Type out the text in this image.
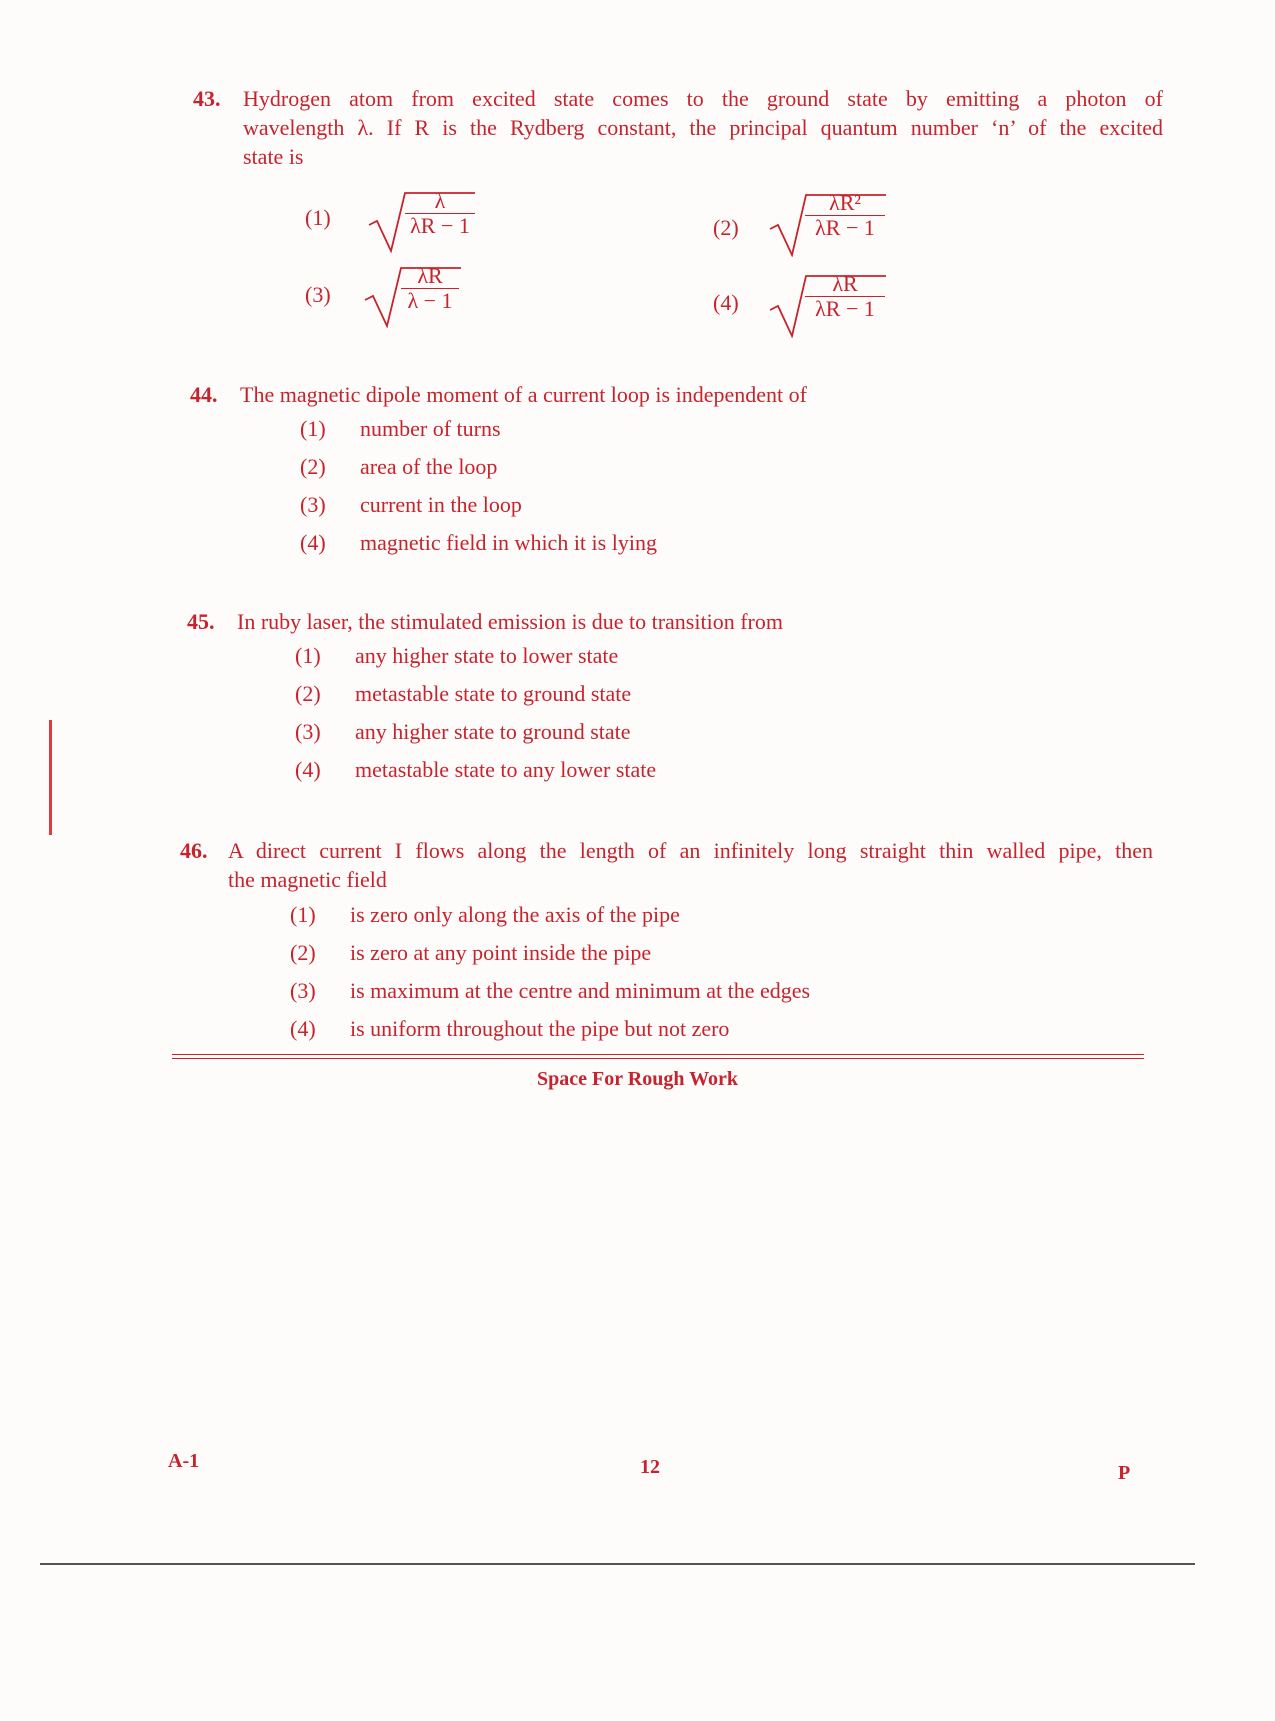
43. Hydrogen atom from excited state comes to the ground state by emitting a photon of
wavelength λ. If R is the Rydberg constant, the principal quantum number ‘n’ of the excited
state is
(1)
λ
λR − 1	(2)
λR²
λR − 1
(3)
λR
λ − 1	(4)
λR
λR − 1
44. The magnetic dipole moment of a current loop is independent of
(1) number of turns
(2) area of the loop
(3) current in the loop
(4) magnetic field in which it is lying
45. In ruby laser, the stimulated emission is due to transition from
(1) any higher state to lower state
(2) metastable state to ground state
(3) any higher state to ground state
(4) metastable state to any lower state
46. A direct current I flows along the length of an infinitely long straight thin walled pipe, then
the magnetic field
(1) is zero only along the axis of the pipe
(2) is zero at any point inside the pipe
(3) is maximum at the centre and minimum at the edges
(4) is uniform throughout the pipe but not zero
Space For Rough Work
A-1	12	P
